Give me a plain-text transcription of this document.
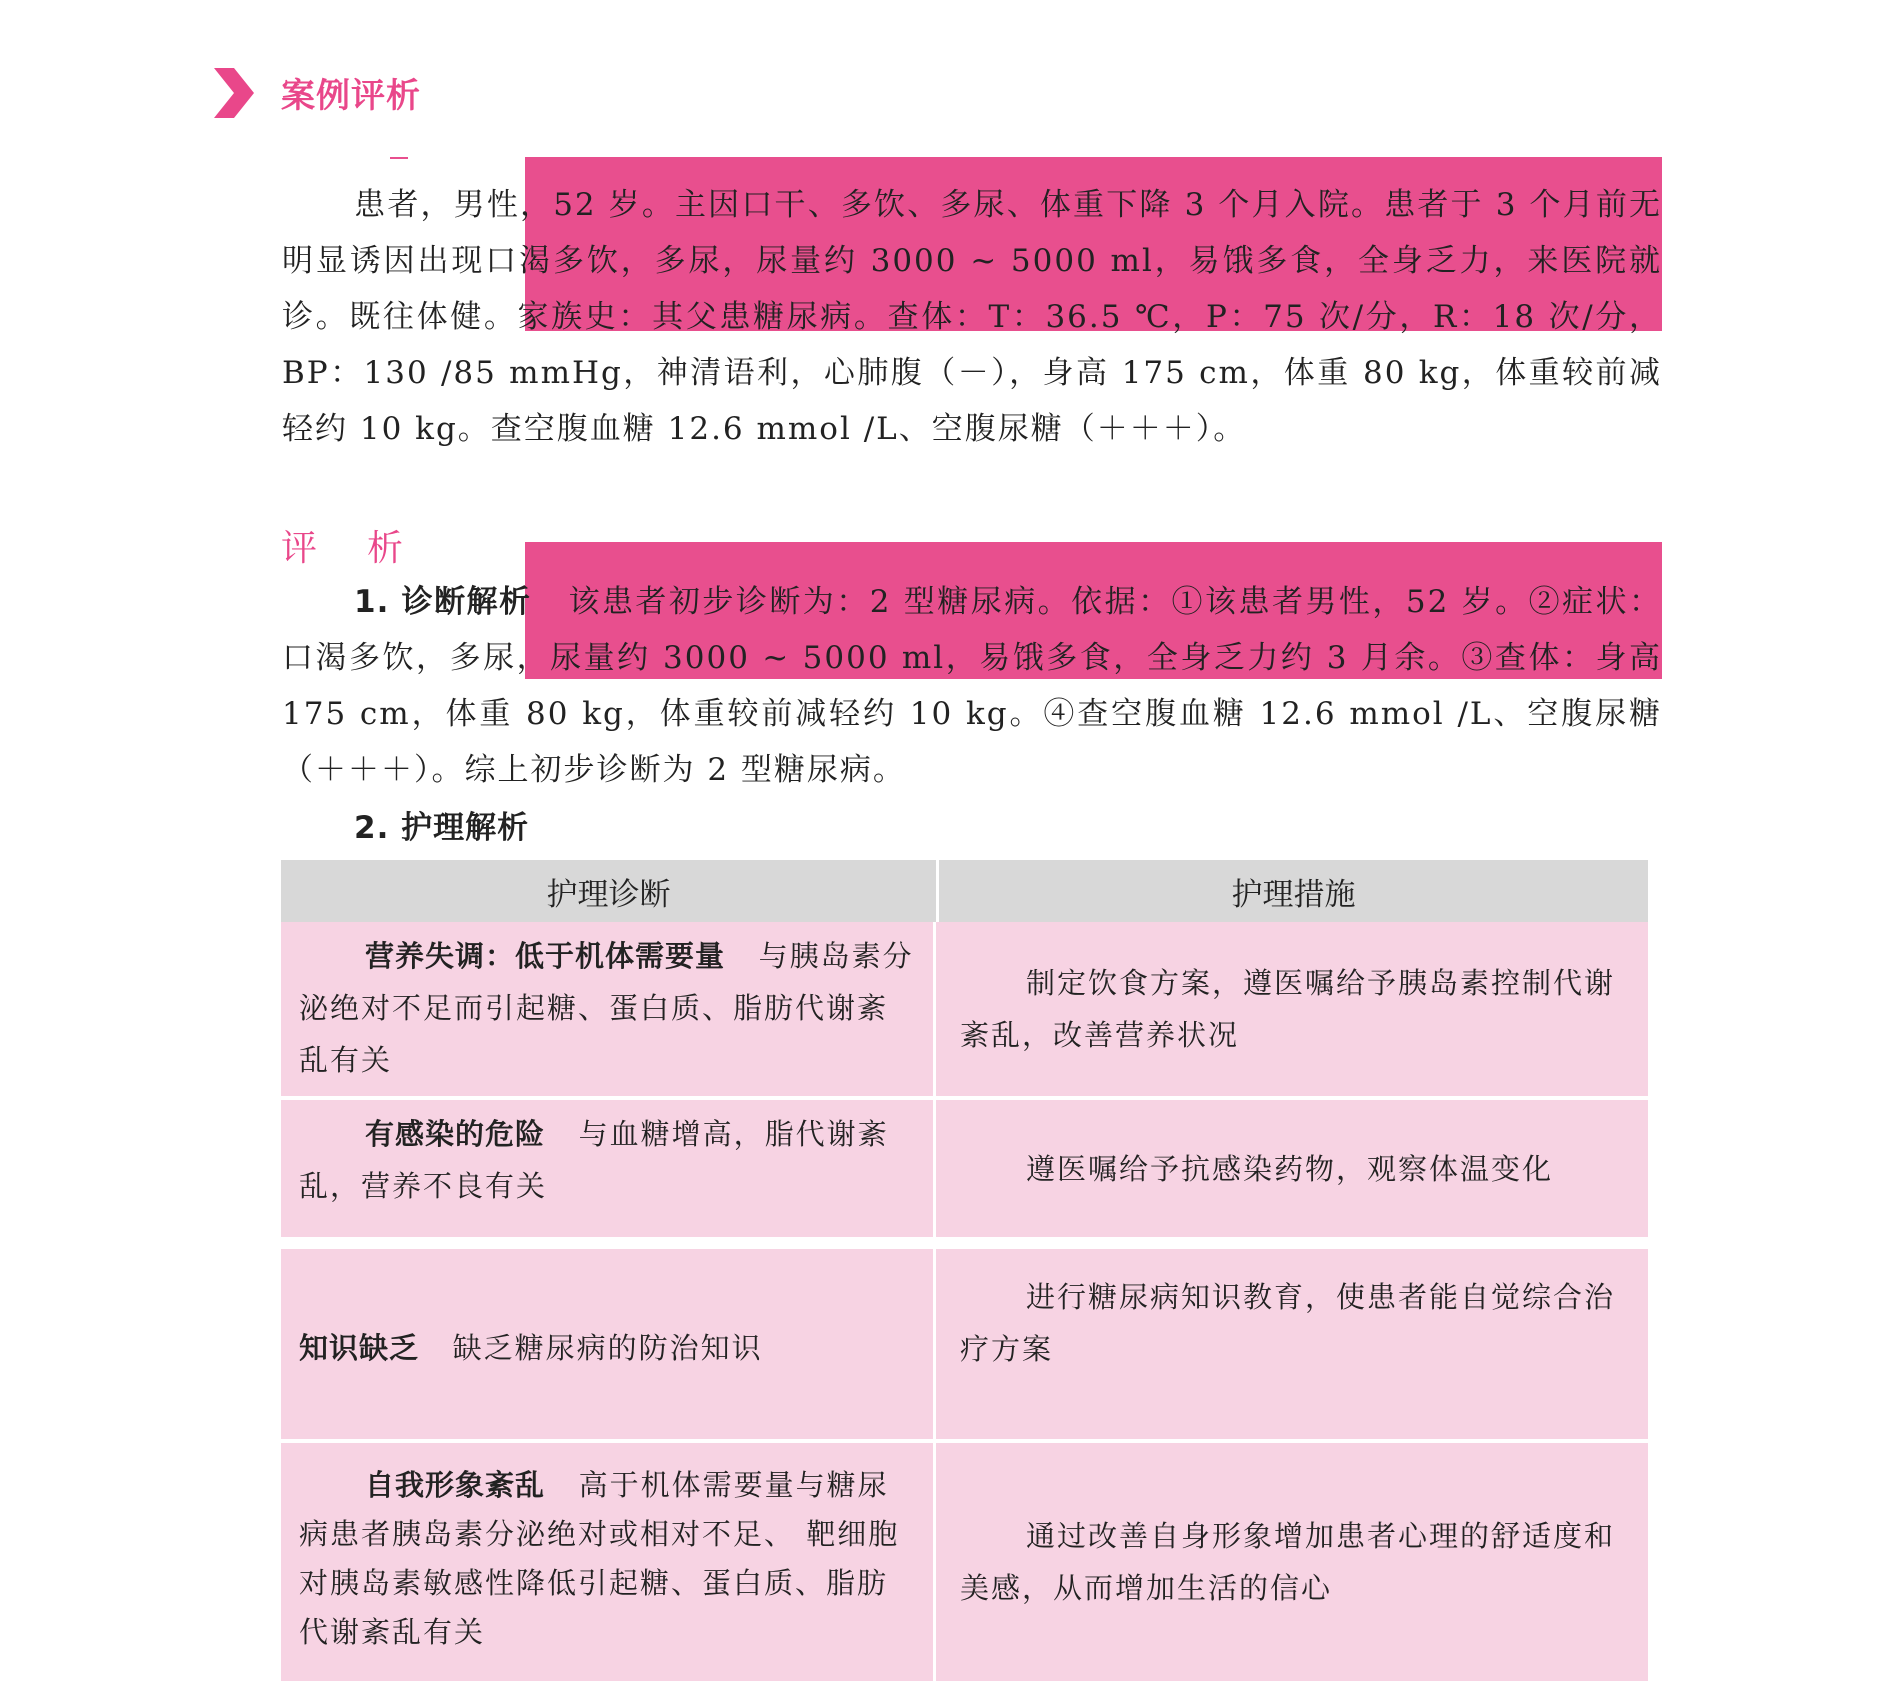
案例评析
患者，男性，52 岁。主因口干、多饮、多尿、体重下降 3 个月入院。患者于 3 个月前无明显诱因出现口渴多饮，多尿，尿量约 3000 ~ 5000 ml，易饿多食，全身乏力，来医院就诊。既往体健。家族史：其父患糖尿病。查体：T：36.5 ℃，P：75 次/分，R：18 次/分，BP：130 /85 mmHg，神清语利，心肺腹（－），身高 175 cm，体重 80 kg，体重较前减轻约 10 kg。查空腹血糖 12.6 mmol /L、空腹尿糖（＋＋＋）。
评析
1. 诊断解析 该患者初步诊断为：2 型糖尿病。依据：①该患者男性，52 岁。②症状：口渴多饮，多尿，尿量约 3000 ~ 5000 ml，易饿多食，全身乏力约 3 月余。③查体：身高 175 cm，体重 80 kg，体重较前减轻约 10 kg。④查空腹血糖 12.6 mmol /L、空腹尿糖（＋＋＋）。综上初步诊断为 2 型糖尿病。
2. 护理解析
护理诊断	护理措施
营养失调：低于机体需要量 与胰岛素分泌绝对不足而引起糖、蛋白质、脂肪代谢紊乱有关
制定饮食方案，遵医嘱给予胰岛素控制代谢紊乱，改善营养状况
有感染的危险 与血糖增高，脂代谢紊乱，营养不良有关
遵医嘱给予抗感染药物，观察体温变化
知识缺乏 缺乏糖尿病的防治知识
进行糖尿病知识教育，使患者能自觉综合治疗方案
自我形象紊乱 高于机体需要量与糖尿病患者胰岛素分泌绝对或相对不足、 靶细胞对胰岛素敏感性降低引起糖、蛋白质、脂肪代谢紊乱有关
通过改善自身形象增加患者心理的舒适度和美感，从而增加生活的信心
